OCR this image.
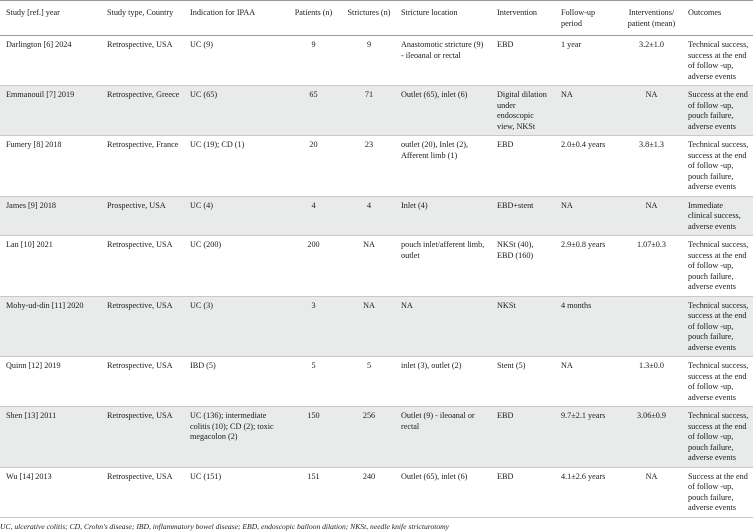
Study [ref.] year	Study type, Country	Indication for IPAA	Patients (n)	Strictures (n)	Stricture location	Intervention	Follow-up period	Interventions/ patient (mean)	Outcomes
Darlington [6] 2024	Retrospective, USA	UC (9)	9	9	Anastomotic stricture (9) - ileoanal or rectal	EBD	1 year	3.2±1.0	Technical success, success at the end of follow -up, adverse events
Emmanouil [7] 2019	Retrospective, Greece	UC (65)	65	71	Outlet (65), inlet (6)	Digital dilation under endoscopic view, NKSt	NA	NA	Success at the end of follow -up, pouch failure, adverse events
Fumery [8] 2018	Retrospective, France	UC (19); CD (1)	20	23	outlet (20), Inlet (2), Afferent limb (1)	EBD	2.0±0.4 years	3.8±1.3	Technical success, success at the end of follow -up, pouch failure, adverse events
James [9] 2018	Prospective, USA	UC (4)	4	4	Inlet (4)	EBD+stent	NA	NA	Immediate clinical success, adverse events
Lan [10] 2021	Retrospective, USA	UC (200)	200	NA	pouch inlet/afferent limb, outlet	NKSt (40), EBD (160)	2.9±0.8 years	1.07±0.3	Technical success, success at the end of follow -up, pouch failure, adverse events
Mohy-ud-din [11] 2020	Retrospective, USA	UC (3)	3	NA	NA	NKSt	4 months		Technical success, success at the end of follow -up, pouch failure, adverse events
Quinn [12] 2019	Retrospective, USA	IBD (5)	5	5	inlet (3), outlet (2)	Stent (5)	NA	1.3±0.0	Technical success, success at the end of follow -up, adverse events
Shen [13] 2011	Retrospective, USA	UC (136); intermediate colitis (10); CD (2); toxic megacolon (2)	150	256	Outlet (9) - ileoanal or rectal	EBD	9.7±2.1 years	3.06±0.9	Technical success, success at the end of follow -up, pouch failure, adverse events
Wu [14] 2013	Retrospective, USA	UC (151)	151	240	Outlet (65), inlet (6)	EBD	4.1±2.6 years	NA	Success at the end of follow -up, pouch failure, adverse events
UC, ulcerative colitis; CD, Crohn's disease; IBD, inflammatory bowel disease; EBD, endoscopic balloon dilation; NKSt, needle knife stricturotomy
